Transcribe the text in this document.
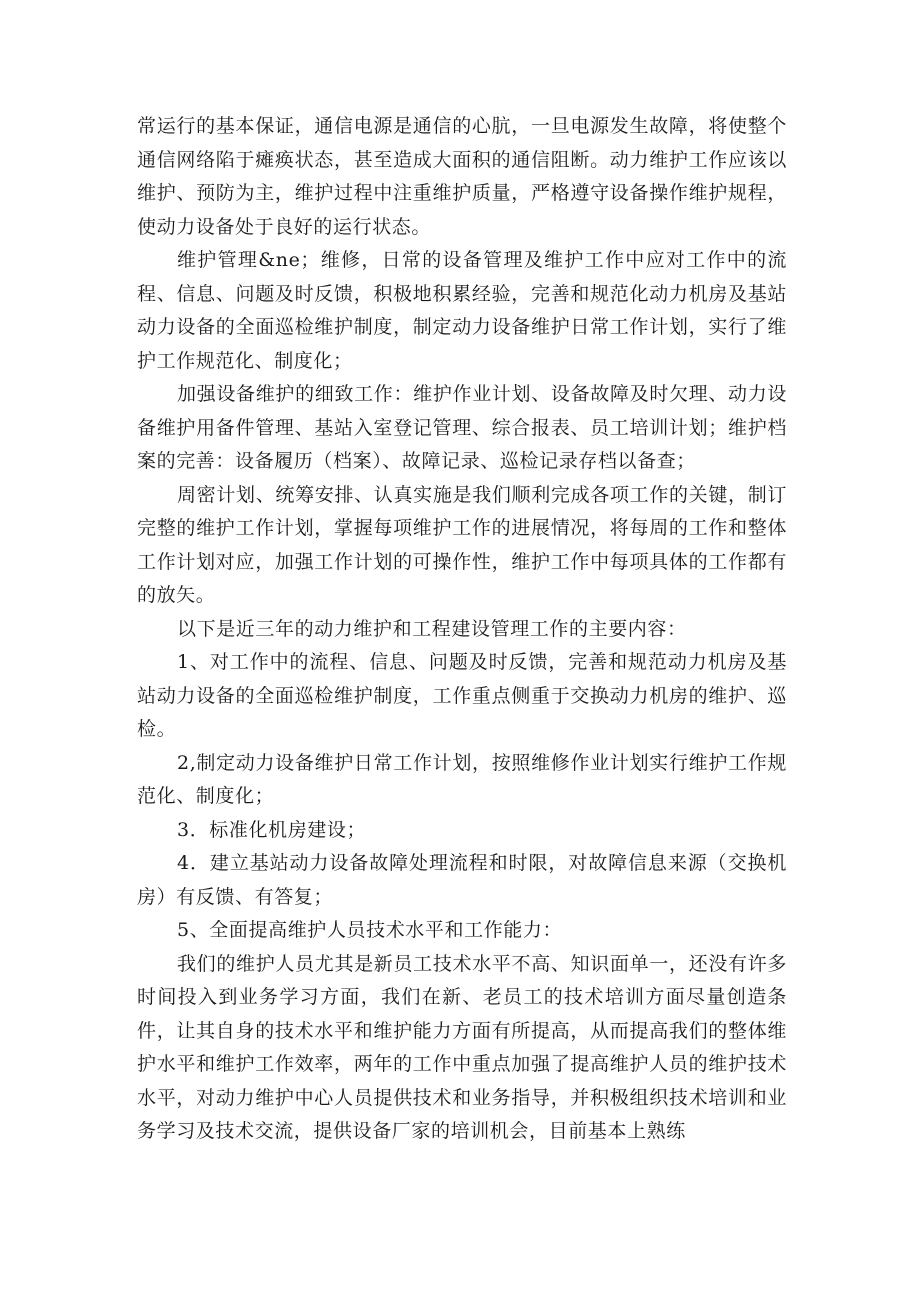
常运行的基本保证，通信电源是通信的心肮，一旦电源发生故障，将使整个通信网络陷于瘫痪状态，甚至造成大面积的通信阻断。动力维护工作应该以维护、预防为主，维护过程中注重维护质量，严格遵守设备操作维护规程，使动力设备处于良好的运行状态。

维护管理&ne；维修，日常的设备管理及维护工作中应对工作中的流程、信息、问题及时反馈，积极地积累经验，完善和规范化动力机房及基站动力设备的全面巡检维护制度，制定动力设备维护日常工作计划，实行了维护工作规范化、制度化；

加强设备维护的细致工作：维护作业计划、设备故障及时欠理、动力设备维护用备件管理、基站入室登记管理、综合报表、员工培训计划；维护档案的完善：设备履历（档案）、故障记录、巡检记录存档以备查；

周密计划、统筹安排、认真实施是我们顺利完成各项工作的关键，制订完整的维护工作计划，掌握每项维护工作的进展情况，将每周的工作和整体工作计划对应，加强工作计划的可操作性，维护工作中每项具体的工作都有的放矢。

以下是近三年的动力维护和工程建设管理工作的主要内容：

1、对工作中的流程、信息、问题及时反馈，完善和规范动力机房及基站动力设备的全面巡检维护制度，工作重点侧重于交换动力机房的维护、巡检。

2,制定动力设备维护日常工作计划，按照维修作业计划实行维护工作规范化、制度化；

3．标准化机房建设；

4．建立基站动力设备故障处理流程和时限，对故障信息来源（交换机房）有反馈、有答复；

5、全面提高维护人员技术水平和工作能力：

我们的维护人员尤其是新员工技术水平不高、知识面单一，还没有许多时间投入到业务学习方面，我们在新、老员工的技术培训方面尽量创造条件，让其自身的技术水平和维护能力方面有所提高，从而提高我们的整体维护水平和维护工作效率，两年的工作中重点加强了提高维护人员的维护技术水平，对动力维护中心人员提供技术和业务指导，并积极组织技术培训和业务学习及技术交流，提供设备厂家的培训机会，目前基本上熟练
